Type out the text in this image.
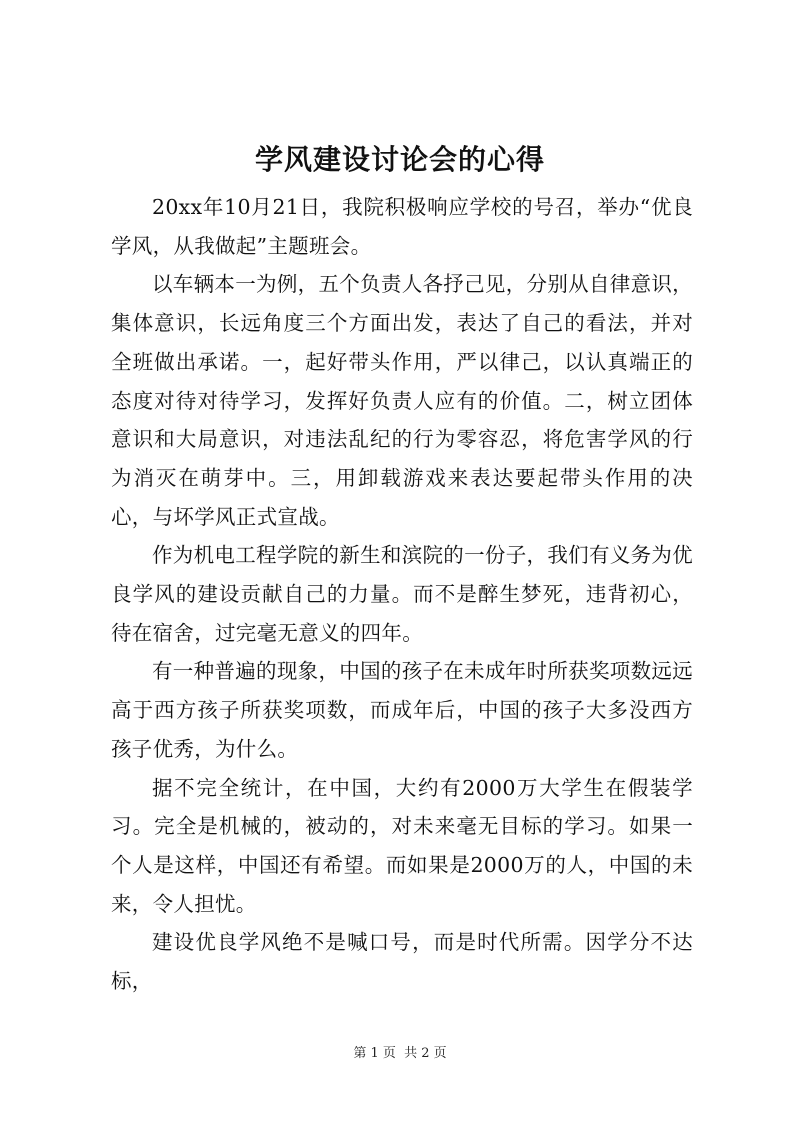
学风建设讨论会的心得

20xx年10月21日，我院积极响应学校的号召，举办“优良学风，从我做起”主题班会。

以车辆本一为例，五个负责人各抒己见，分别从自律意识，集体意识，长远角度三个方面出发，表达了自己的看法，并对全班做出承诺。一，起好带头作用，严以律己，以认真端正的态度对待对待学习，发挥好负责人应有的价值。二，树立团体意识和大局意识，对违法乱纪的行为零容忍，将危害学风的行为消灭在萌芽中。三，用卸载游戏来表达要起带头作用的决心，与坏学风正式宣战。

作为机电工程学院的新生和滨院的一份子，我们有义务为优良学风的建设贡献自己的力量。而不是醉生梦死，违背初心，待在宿舍，过完毫无意义的四年。

有一种普遍的现象，中国的孩子在未成年时所获奖项数远远高于西方孩子所获奖项数，而成年后，中国的孩子大多没西方孩子优秀，为什么。

据不完全统计，在中国，大约有2000万大学生在假装学习。完全是机械的，被动的，对未来毫无目标的学习。如果一个人是这样，中国还有希望。而如果是2000万的人，中国的未来，令人担忧。

建设优良学风绝不是喊口号，而是时代所需。因学分不达标，

第 1 页 共 2 页
